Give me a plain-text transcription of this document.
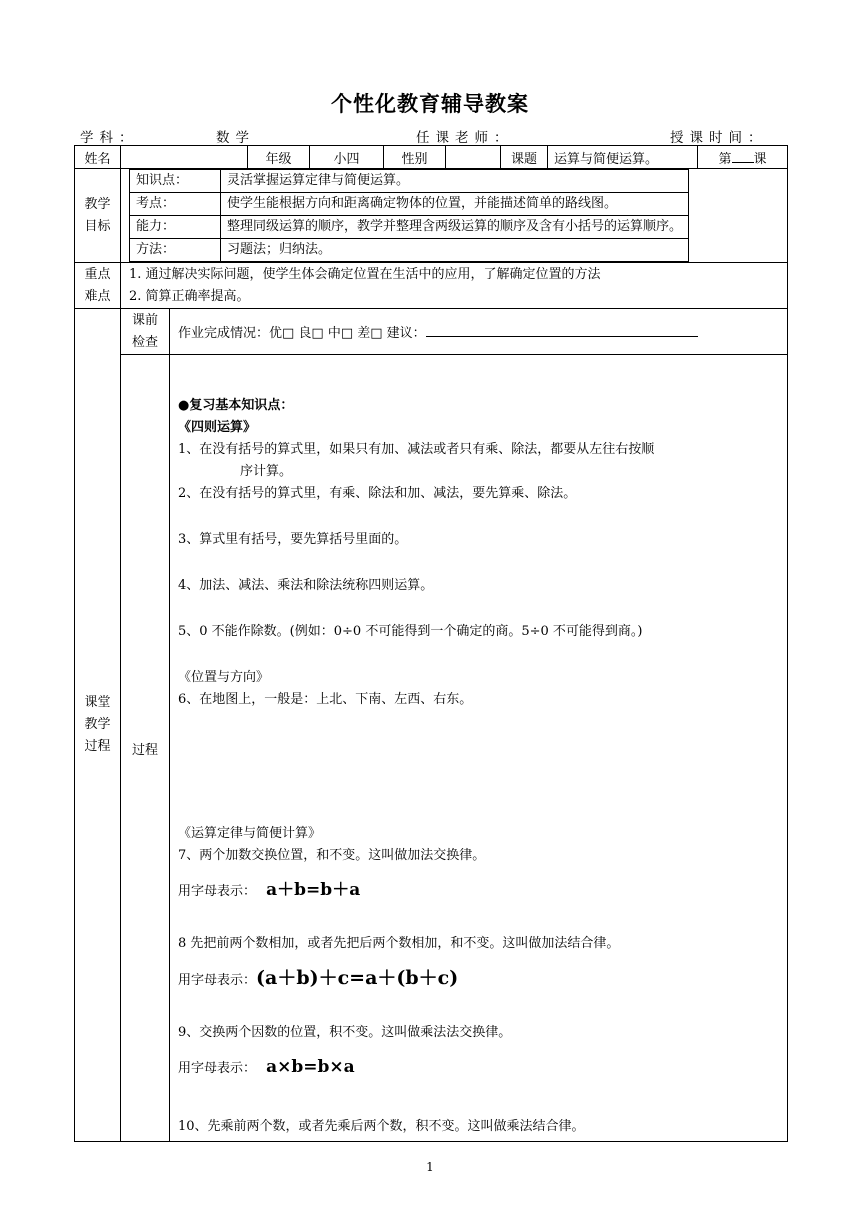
个性化教育辅导教案
学科：	数学	任课老师：	授课时间：
姓名		年级	小四	性别		课题	运算与简便运算。	第 课

教学
目标

知识点：	灵活掌握运算定律与简便运算。
考点：	使学生能根据方向和距离确定物体的位置，并能描述简单的路线图。
能力：	整理同级运算的顺序，教学并整理含两级运算的顺序及含有小括号的运算顺序。
方法：	习题法；归纳法。

重点
难点

1. 通过解决实际问题，使学生体会确定位置在生活中的应用，了解确定位置的方法
2. 简算正确率提高。

课堂
教学
过程

课前
检查
	作业完成情况：优□ 良□ 中□ 差□ 建议：
过程	

●复习基本知识点：

《四则运算》

1、在没有括号的算式里，如果只有加、减法或者只有乘、除法，都要从左往右按顺

序计算。

2、在没有括号的算式里，有乘、除法和加、减法，要先算乘、除法。

3、算式里有括号，要先算括号里面的。

4、加法、减法、乘法和除法统称四则运算。

5、0 不能作除数。(例如：0÷0 不可能得到一个确定的商。5÷0 不可能得到商。)

《位置与方向》

6、在地图上，一般是：上北、下南、左西、右东。

《运算定律与简便计算》

7、两个加数交换位置，和不变。这叫做加法交换律。

用字母表示： a＋b=b＋a

8 先把前两个数相加，或者先把后两个数相加，和不变。这叫做加法结合律。

用字母表示：(a＋b)＋c=a＋(b＋c)

9、交换两个因数的位置，积不变。这叫做乘法法交换律。

用字母表示： a×b=b×a

10、先乘前两个数，或者先乘后两个数，积不变。这叫做乘法结合律。

1
